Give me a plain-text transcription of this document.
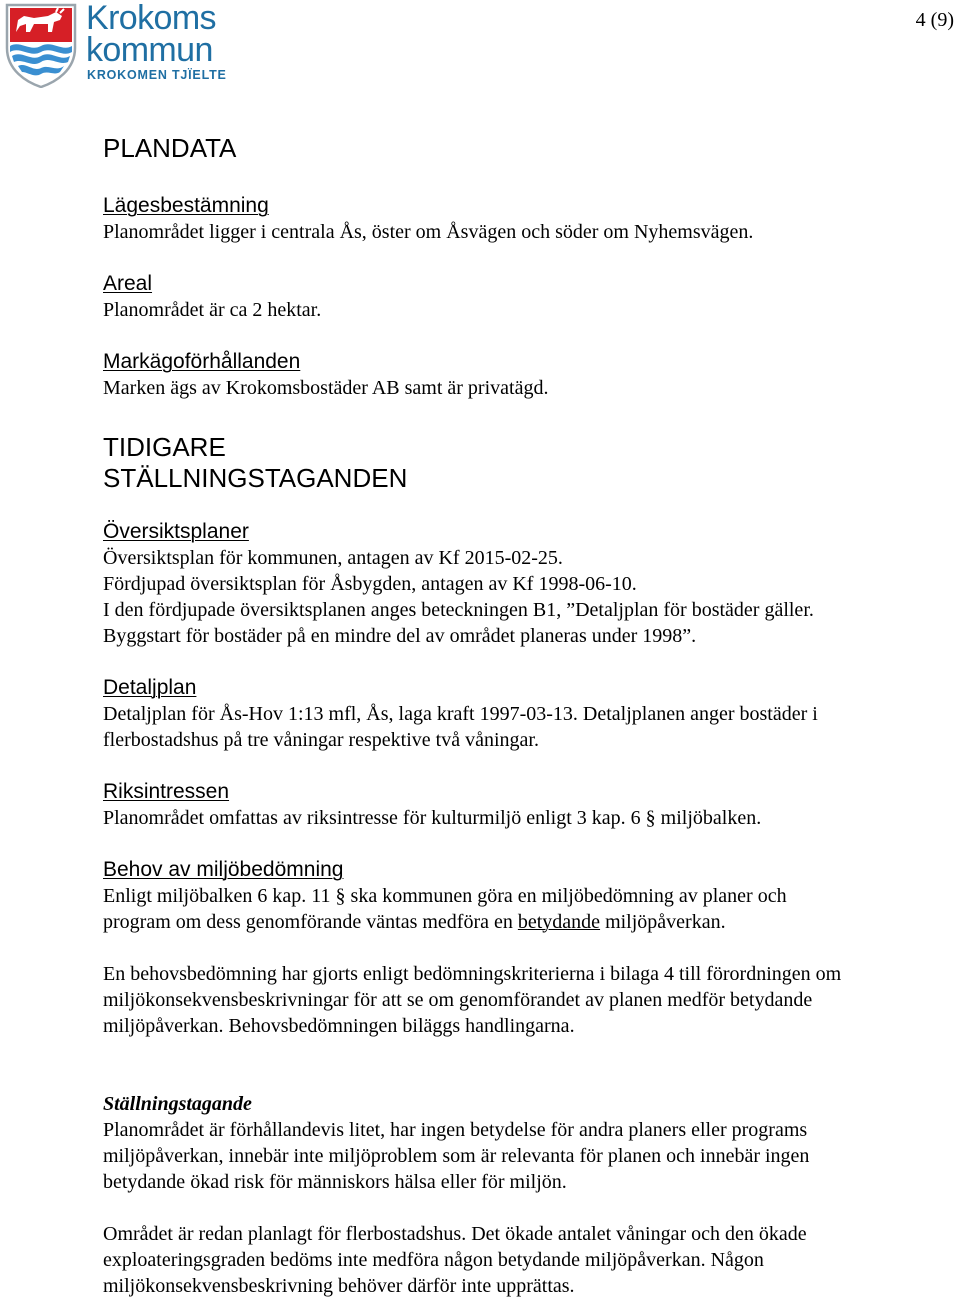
Krokoms
kommun
KROKOMEN TJÏELTE
4 (9)
PLANDATA
Lägesbestämning
Planområdet ligger i centrala Ås, öster om Åsvägen och söder om Nyhemsvägen.
Areal
Planområdet är ca 2 hektar.
Markägoförhållanden
Marken ägs av Krokomsbostäder AB samt är privatägd.
TIDIGARE
STÄLLNINGSTAGANDEN
Översiktsplaner
Översiktsplan för kommunen, antagen av Kf 2015-02-25.
Fördjupad översiktsplan för Åsbygden, antagen av Kf 1998-06-10.
I den fördjupade översiktsplanen anges beteckningen B1, ”Detaljplan för bostäder gäller. Byggstart för bostäder på en mindre del av området planeras under 1998”.
Detaljplan
Detaljplan för Ås-Hov 1:13 mfl, Ås, laga kraft 1997-03-13. Detaljplanen anger bostäder i flerbostadshus på tre våningar respektive två våningar.
Riksintressen
Planområdet omfattas av riksintresse för kulturmiljö enligt 3 kap. 6 § miljöbalken.
Behov av miljöbedömning
Enligt miljöbalken 6 kap. 11 § ska kommunen göra en miljöbedömning av planer och program om dess genomförande väntas medföra en betydande miljöpåverkan.
En behovsbedömning har gjorts enligt bedömningskriterierna i bilaga 4 till förordningen om miljökonsekvensbeskrivningar för att se om genomförandet av planen medför betydande miljöpåverkan. Behovsbedömningen biläggs handlingarna.
Ställningstagande
Planområdet är förhållandevis litet, har ingen betydelse för andra planers eller programs miljöpåverkan, innebär inte miljöproblem som är relevanta för planen och innebär ingen betydande ökad risk för människors hälsa eller för miljön.
Området är redan planlagt för flerbostadshus. Det ökade antalet våningar och den ökade exploateringsgraden bedöms inte medföra någon betydande miljöpåverkan. Någon miljökonsekvensbeskrivning behöver därför inte upprättas.
